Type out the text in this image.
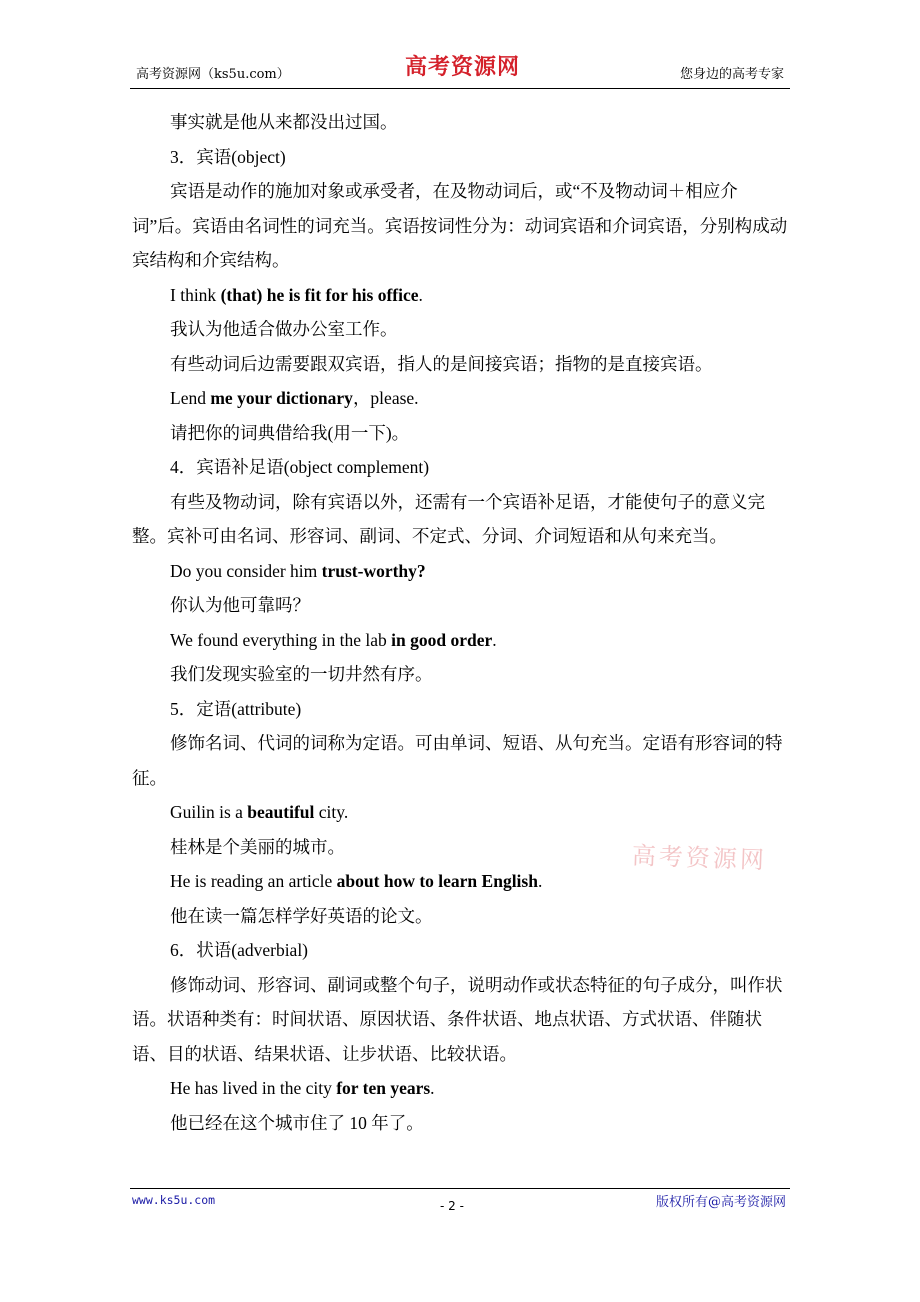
高考资源网（ks5u.com）	高考资源网	您身边的高考专家

事实就是他从来都没出过国。

3．宾语(object)

宾语是动作的施加对象或承受者，在及物动词后，或“不及物动词＋相应介词”后。宾语由名词性的词充当。宾语按词性分为：动词宾语和介词宾语，分别构成动宾结构和介宾结构。

I think (that) he is fit for his office.

我认为他适合做办公室工作。

有些动词后边需要跟双宾语，指人的是间接宾语；指物的是直接宾语。

Lend me your dictionary，please.

请把你的词典借给我(用一下)。

4．宾语补足语(object complement)

有些及物动词，除有宾语以外，还需有一个宾语补足语，才能使句子的意义完整。宾补可由名词、形容词、副词、不定式、分词、介词短语和从句来充当。

Do you consider him trust-worthy?

你认为他可靠吗？

We found everything in the lab in good order.

我们发现实验室的一切井然有序。

5．定语(attribute)

修饰名词、代词的词称为定语。可由单词、短语、从句充当。定语有形容词的特征。

Guilin is a beautiful city.

桂林是个美丽的城市。

He is reading an article about how to learn English.

他在读一篇怎样学好英语的论文。

6．状语(adverbial)

修饰动词、形容词、副词或整个句子，说明动作或状态特征的句子成分，叫作状语。状语种类有：时间状语、原因状语、条件状语、地点状语、方式状语、伴随状语、目的状语、结果状语、让步状语、比较状语。

He has lived in the city for ten years.

他已经在这个城市住了 10 年了。

高考资源网
www.ks5u.com	- 2 -	版权所有@高考资源网
